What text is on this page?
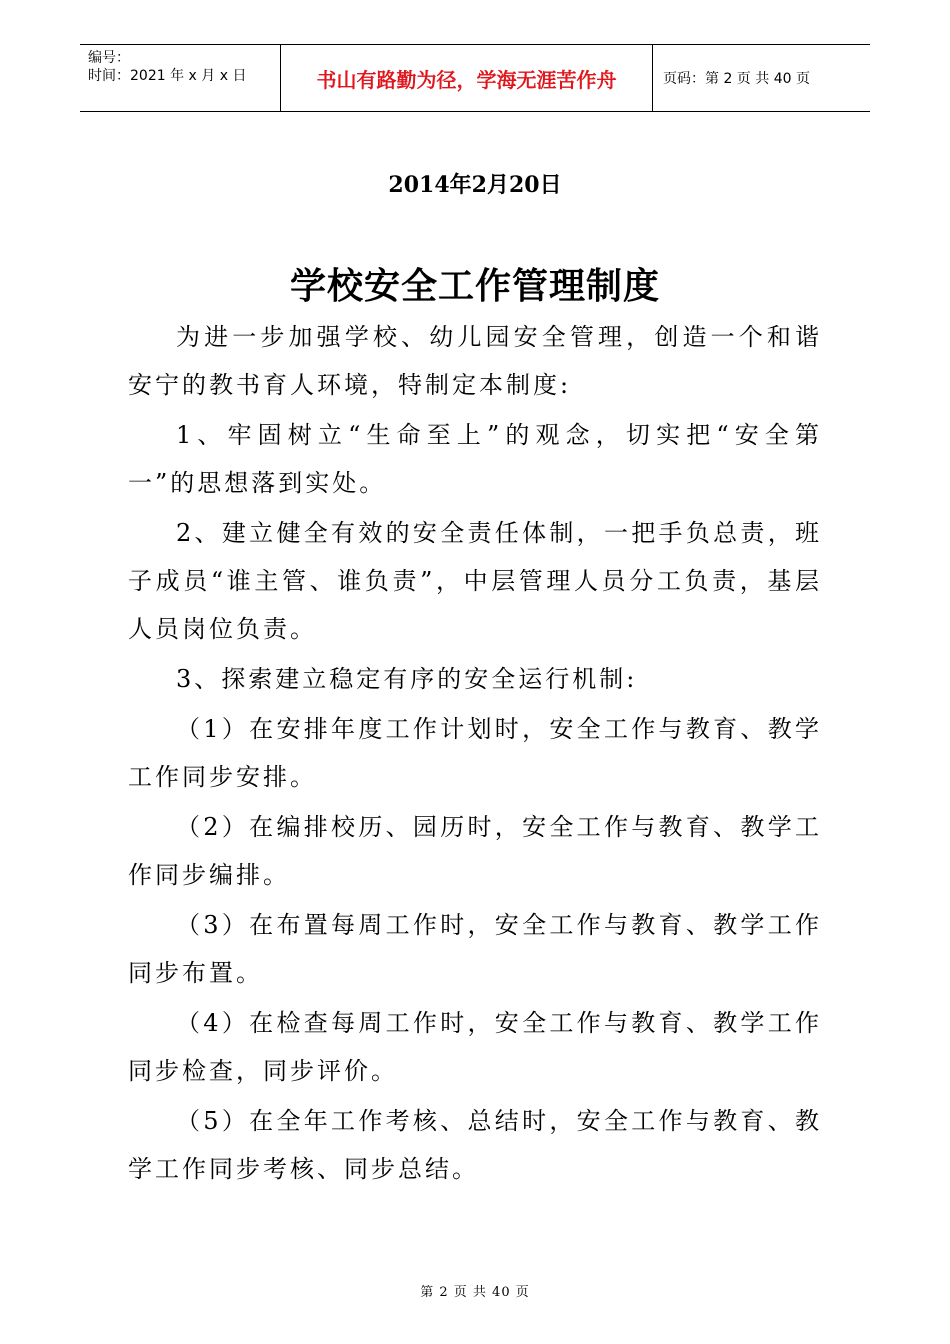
编号：
时间：2021 年 x 月 x 日	书山有路勤为径，学海无涯苦作舟	页码：第 2 页 共 40 页
2014年2月20日
学校安全工作管理制度

为进一步加强学校、幼儿园安全管理，创造一个和谐安宁的教书育人环境，特制定本制度:

1、牢固树立“生命至上”的观念，切实把“安全第一”的思想落到实处。

2、建立健全有效的安全责任体制，一把手负总责，班子成员“谁主管、谁负责”，中层管理人员分工负责，基层人员岗位负责。

3、探索建立稳定有序的安全运行机制:

（1）在安排年度工作计划时，安全工作与教育、教学工作同步安排。

（2）在编排校历、园历时，安全工作与教育、教学工作同步编排。

（3）在布置每周工作时，安全工作与教育、教学工作同步布置。

（4）在检查每周工作时，安全工作与教育、教学工作同步检查，同步评价。

（5）在全年工作考核、总结时，安全工作与教育、教学工作同步考核、同步总结。

第 2 页 共 40 页
